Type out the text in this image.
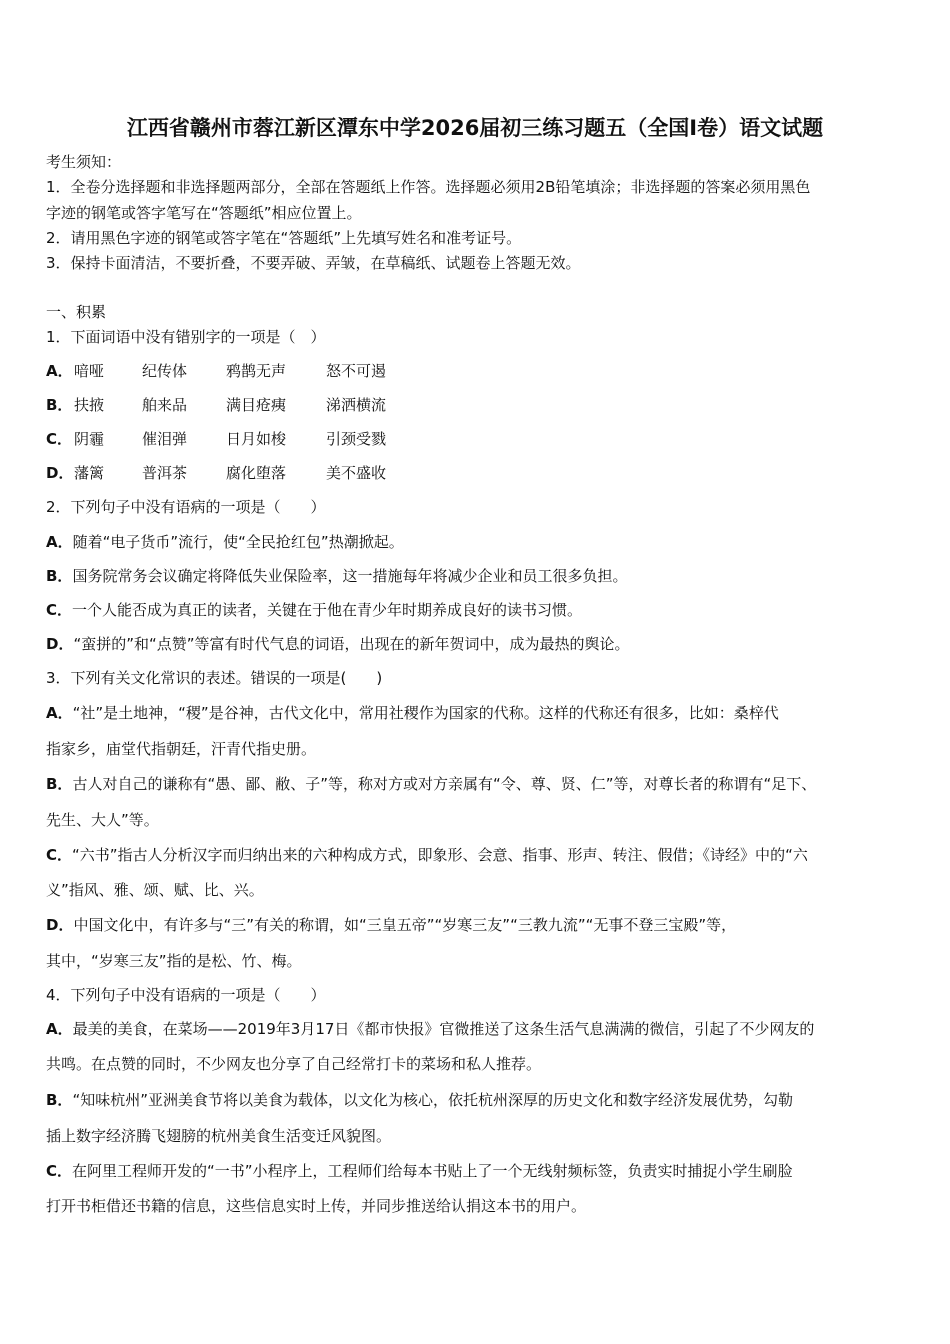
江西省赣州市蓉江新区潭东中学2026届初三练习题五（全国Ⅰ卷）语文试题
考生须知：
1．全卷分选择题和非选择题两部分，全部在答题纸上作答。选择题必须用2B铅笔填涂；非选择题的答案必须用黑色
字迹的钢笔或答字笔写在“答题纸”相应位置上。
2．请用黑色字迹的钢笔或答字笔在“答题纸”上先填写姓名和准考证号。
3．保持卡面清洁，不要折叠，不要弄破、弄皱，在草稿纸、试题卷上答题无效。
一、积累
1．下面词语中没有错别字的一项是（　）
A． 喑哑	纪传体	鸦鹊无声	怒不可遏
B． 扶掖	舶来品	满目疮痍	涕洒横流
C． 阴霾	催泪弹	日月如梭	引颈受戮
D． 藩篱	普洱茶	腐化堕落	美不盛收
2．下列句子中没有语病的一项是（　　）
A．随着“电子货币”流行，使“全民抢红包”热潮掀起。
B．国务院常务会议确定将降低失业保险率，这一措施每年将减少企业和员工很多负担。
C．一个人能否成为真正的读者，关键在于他在青少年时期养成良好的读书习惯。
D．“蛮拼的”和“点赞”等富有时代气息的词语，出现在的新年贺词中，成为最热的舆论。
3．下列有关文化常识的表述。错误的一项是(　　)
A．“社”是土地神，“稷”是谷神，古代文化中，常用社稷作为国家的代称。这样的代称还有很多，比如：桑梓代
指家乡，庙堂代指朝廷，汗青代指史册。
B．古人对自己的谦称有“愚、鄙、敝、子”等，称对方或对方亲属有“令、尊、贤、仁”等，对尊长者的称谓有“足下、
先生、大人”等。
C．“六书”指古人分析汉字而归纳出来的六种构成方式，即象形、会意、指事、形声、转注、假借；《诗经》中的“六
义”指风、雅、颂、赋、比、兴。
D．中国文化中，有许多与“三”有关的称谓，如“三皇五帝”“岁寒三友”“三教九流”“无事不登三宝殿”等，
其中，“岁寒三友”指的是松、竹、梅。
4．下列句子中没有语病的一项是（　　）
A．最美的美食，在菜场——2019年3月17日《都市快报》官微推送了这条生活气息满满的微信，引起了不少网友的
共鸣。在点赞的同时，不少网友也分享了自己经常打卡的菜场和私人推荐。
B．“知味杭州”亚洲美食节将以美食为载体，以文化为核心，依托杭州深厚的历史文化和数字经济发展优势，勾勒
插上数字经济腾飞翅膀的杭州美食生活变迁风貌图。
C．在阿里工程师开发的“一书”小程序上，工程师们给每本书贴上了一个无线射频标签，负责实时捕捉小学生刷脸
打开书柜借还书籍的信息，这些信息实时上传，并同步推送给认捐这本书的用户。
